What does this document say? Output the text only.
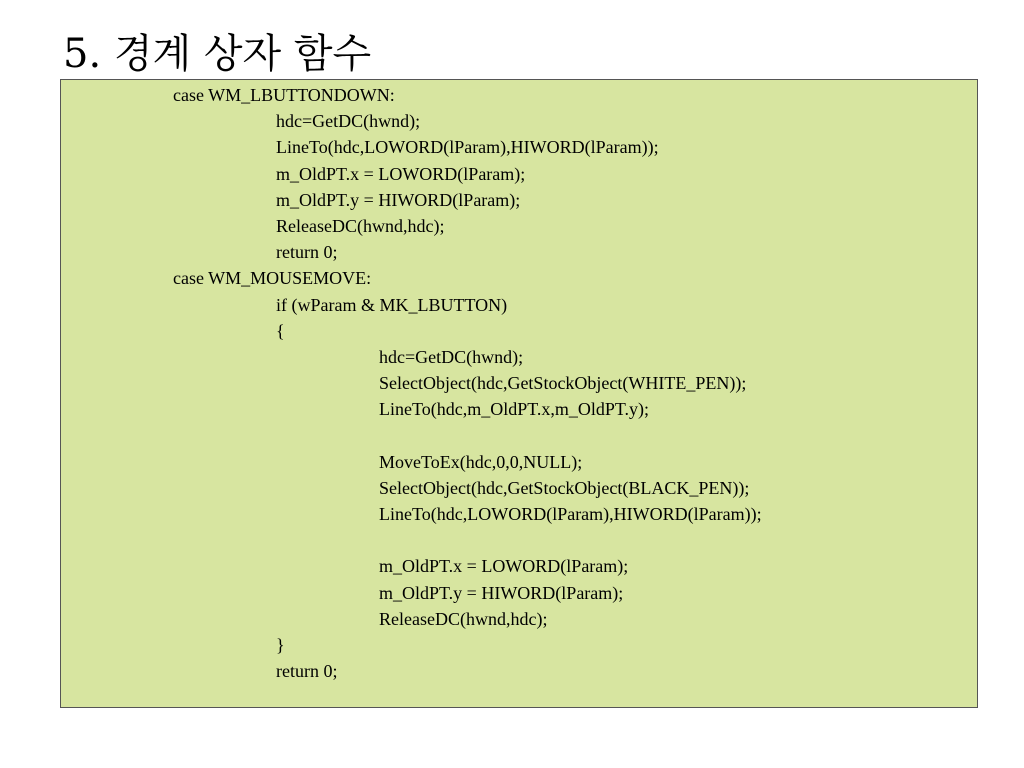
5. 경계 상자 함수
case WM_LBUTTONDOWN:
hdc=GetDC(hwnd);
LineTo(hdc,LOWORD(lParam),HIWORD(lParam));
m_OldPT.x = LOWORD(lParam);
m_OldPT.y = HIWORD(lParam);
ReleaseDC(hwnd,hdc);
return 0;
case WM_MOUSEMOVE:
if (wParam & MK_LBUTTON)
{
hdc=GetDC(hwnd);
SelectObject(hdc,GetStockObject(WHITE_PEN));
LineTo(hdc,m_OldPT.x,m_OldPT.y);
MoveToEx(hdc,0,0,NULL);
SelectObject(hdc,GetStockObject(BLACK_PEN));
LineTo(hdc,LOWORD(lParam),HIWORD(lParam));
m_OldPT.x = LOWORD(lParam);
m_OldPT.y = HIWORD(lParam);
ReleaseDC(hwnd,hdc);
}
return 0;
